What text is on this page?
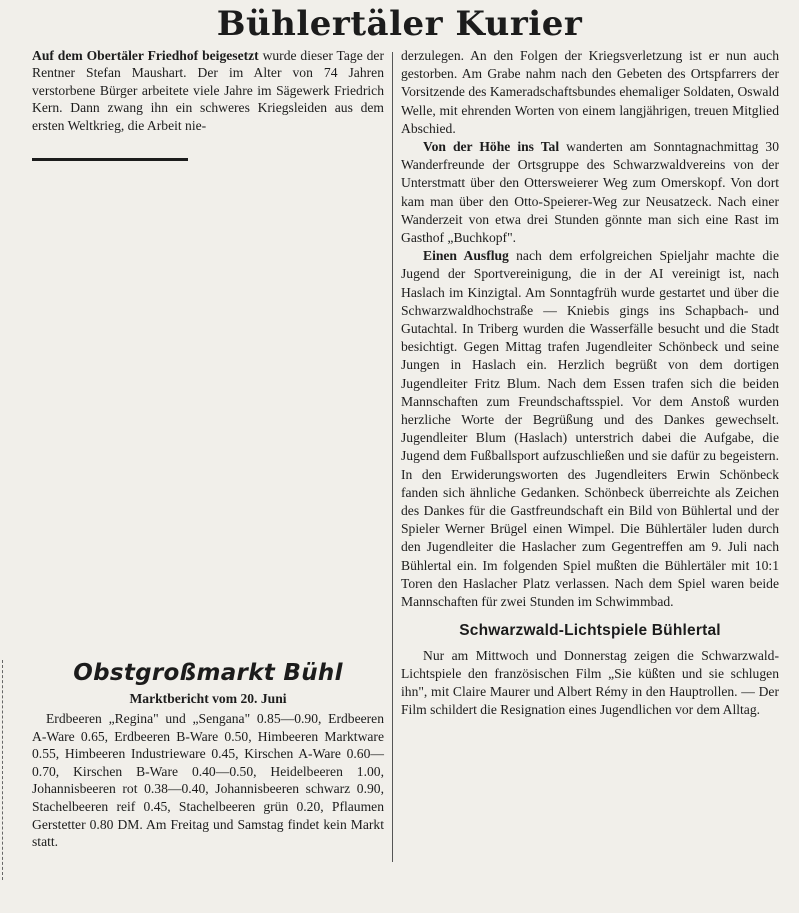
Bühlertäler Kurier

Auf dem Obertäler Friedhof beigesetzt wurde dieser Tage der Rentner Stefan Maushart. Der im Alter von 74 Jahren verstorbene Bürger arbeitete viele Jahre im Sägewerk Friedrich Kern. Dann zwang ihn ein schweres Kriegsleiden aus dem ersten Weltkrieg, die Arbeit nie-

Obstgroßmarkt Bühl
Marktbericht vom 20. Juni

Erdbeeren „Regina" und „Sengana" 0.85—0.90, Erdbeeren A-Ware 0.65, Erdbeeren B-Ware 0.50, Himbeeren Marktware 0.55, Himbeeren Industrieware 0.45, Kirschen A-Ware 0.60—0.70, Kirschen B-Ware 0.40—0.50, Heidelbeeren 1.00, Johannisbeeren rot 0.38—0.40, Johannisbeeren schwarz 0.90, Stachelbeeren reif 0.45, Stachelbeeren grün 0.20, Pflaumen Gerstetter 0.80 DM. Am Freitag und Samstag findet kein Markt statt.

derzulegen. An den Folgen der Kriegsverletzung ist er nun auch gestorben. Am Grabe nahm nach den Gebeten des Ortspfarrers der Vorsitzende des Kameradschaftsbundes ehemaliger Soldaten, Oswald Welle, mit ehrenden Worten von einem langjährigen, treuen Mitglied Abschied.

Von der Höhe ins Tal wanderten am Sonntagnachmittag 30 Wanderfreunde der Ortsgruppe des Schwarzwaldvereins von der Unterstmatt über den Ottersweierer Weg zum Omerskopf. Von dort kam man über den Otto-Speierer-Weg zur Neusatzeck. Nach einer Wanderzeit von etwa drei Stunden gönnte man sich eine Rast im Gasthof „Buchkopf".

Einen Ausflug nach dem erfolgreichen Spieljahr machte die Jugend der Sportvereinigung, die in der AI vereinigt ist, nach Haslach im Kinzigtal. Am Sonntagfrüh wurde gestartet und über die Schwarzwaldhochstraße — Kniebis gings ins Schapbach- und Gutachtal. In Triberg wurden die Wasserfälle besucht und die Stadt besichtigt. Gegen Mittag trafen Jugendleiter Schönbeck und seine Jungen in Haslach ein. Herzlich begrüßt von dem dortigen Jugendleiter Fritz Blum. Nach dem Essen trafen sich die beiden Mannschaften zum Freundschaftsspiel. Vor dem Anstoß wurden herzliche Worte der Begrüßung und des Dankes gewechselt. Jugendleiter Blum (Haslach) unterstrich dabei die Aufgabe, die Jugend dem Fußballsport aufzuschließen und sie dafür zu begeistern. In den Erwiderungsworten des Jugendleiters Erwin Schönbeck fanden sich ähnliche Gedanken. Schönbeck überreichte als Zeichen des Dankes für die Gastfreundschaft ein Bild von Bühlertal und der Spieler Werner Brügel einen Wimpel. Die Bühlertäler luden durch den Jugendleiter die Haslacher zum Gegentreffen am 9. Juli nach Bühlertal ein. Im folgenden Spiel mußten die Bühlertäler mit 10:1 Toren den Haslacher Platz verlassen. Nach dem Spiel waren beide Mannschaften für zwei Stunden im Schwimmbad.

Schwarzwald-Lichtspiele Bühlertal

Nur am Mittwoch und Donnerstag zeigen die Schwarzwald-Lichtspiele den französischen Film „Sie küßten und sie schlugen ihn", mit Claire Maurer und Albert Rémy in den Hauptrollen. — Der Film schildert die Resignation eines Jugendlichen vor dem Alltag.
